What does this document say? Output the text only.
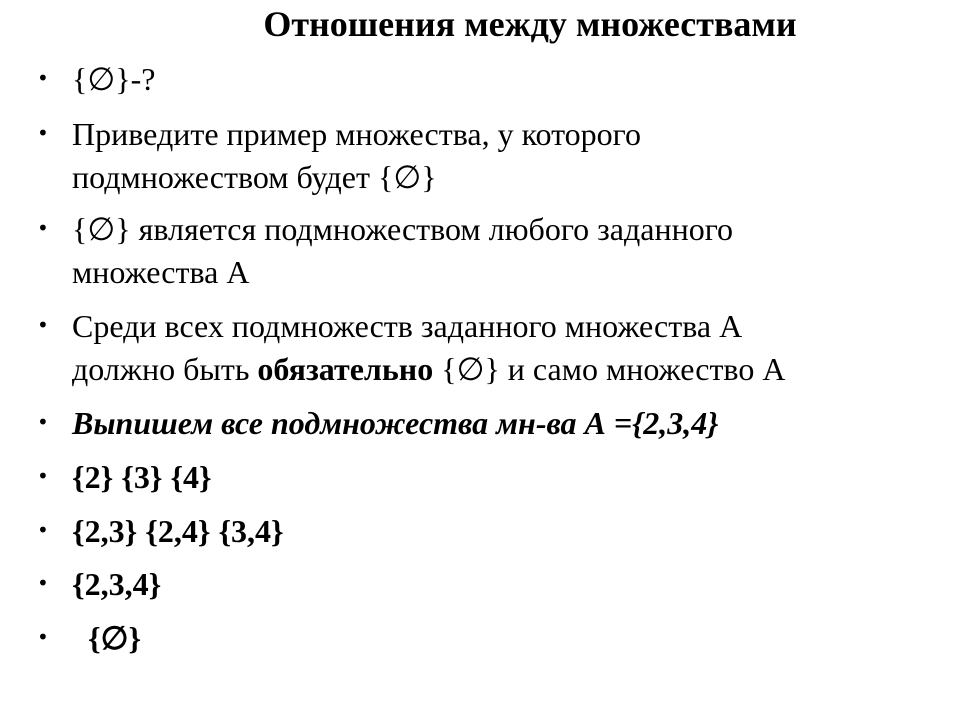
Отношения между множествами
• {∅}-?
• Приведите пример множества, у которого
подмножеством будет {∅}
• {∅} является подмножеством любого заданного
множества А
• Среди всех подмножеств заданного множества А
должно быть обязательно {∅} и само множество А
• Выпишем все подмножества мн-ва А ={2,3,4}
• {2} {3} {4}
• {2,3} {2,4} {3,4}
• {2,3,4}
• {∅}
